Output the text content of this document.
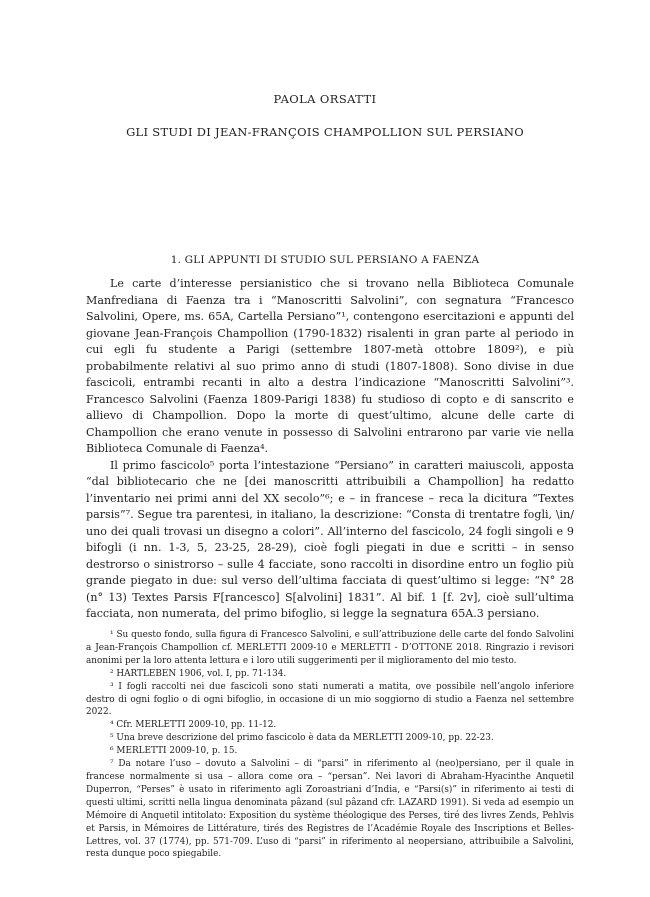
PAOLA ORSATTI
GLI STUDI DI JEAN-FRANÇOIS CHAMPOLLION SUL PERSIANO
1. GLI APPUNTI DI STUDIO SUL PERSIANO A FAENZA

Le carte d’interesse persianistico che si trovano nella Biblioteca Comunale Manfrediana di Faenza tra i “Manoscritti Salvolini”, con segnatura “Francesco Salvolini, Opere, ms. 65A, Cartella Persiano”¹, contengono esercitazioni e appunti del giovane Jean-François Champollion (1790-1832) risalenti in gran parte al periodo in cui egli fu studente a Parigi (settembre 1807-metà ottobre 1809²), e più probabilmente relativi al suo primo anno di studi (1807-1808). Sono divise in due fascicoli, entrambi recanti in alto a destra l’indicazione “Manoscritti Salvolini”³. Francesco Salvolini (Faenza 1809-Parigi 1838) fu studioso di copto e di sanscrito e allievo di Champollion. Dopo la morte di quest’ultimo, alcune delle carte di Champollion che erano venute in possesso di Salvolini entrarono par varie vie nella Biblioteca Comunale di Faenza⁴.

Il primo fascicolo⁵ porta l’intestazione “Persiano” in caratteri maiuscoli, apposta “dal bibliotecario che ne [dei manoscritti attribuibili a Champollion] ha redatto l’inventario nei primi anni del XX secolo”⁶; e – in francese – reca la dicitura “Textes parsis”⁷. Segue tra parentesi, in italiano, la descrizione: “Consta di trentatre fogli, \in/ uno dei quali trovasi un disegno a colori”. All’interno del fascicolo, 24 fogli singoli e 9 bifogli (i nn. 1-3, 5, 23-25, 28-29), cioè fogli piegati in due e scritti – in senso destrorso o sinistrorso – sulle 4 facciate, sono raccolti in disordine entro un foglio più grande piegato in due: sul verso dell’ultima facciata di quest’ultimo si legge: “N° 28 (n° 13) Textes Parsis F[rancesco] S[alvolini] 1831”. Al bif. 1 [f. 2v], cioè sull’ultima facciata, non numerata, del primo bifoglio, si legge la segnatura 65A.3 persiano.

¹ Su questo fondo, sulla figura di Francesco Salvolini, e sull’attribuzione delle carte del fondo Salvolini a Jean-François Champollion cf. MERLETTI 2009-10 e MERLETTI - D’OTTONE 2018. Ringrazio i revisori anonimi per la loro attenta lettura e i loro utili suggerimenti per il miglioramento del mio testo.

² HARTLEBEN 1906, vol. I, pp. 71-134.

³ I fogli raccolti nei due fascicoli sono stati numerati a matita, ove possibile nell’angolo inferiore destro di ogni foglio o di ogni bifoglio, in occasione di un mio soggiorno di studio a Faenza nel settembre 2022.

⁴ Cfr. MERLETTI 2009-10, pp. 11-12.

⁵ Una breve descrizione del primo fascicolo è data da MERLETTI 2009-10, pp. 22-23.

⁶ MERLETTI 2009-10, p. 15.

⁷ Da notare l’uso – dovuto a Salvolini – di “parsi” in riferimento al (neo)persiano, per il quale in francese normalmente si usa – allora come ora – “persan”. Nei lavori di Abraham-Hyacinthe Anquetil Duperron, “Perses” è usato in riferimento agli Zoroastriani d’India, e “Parsi(s)” in riferimento ai testi di questi ultimi, scritti nella lingua denominata pâzand (sul pâzand cfr. LAZARD 1991). Si veda ad esempio un Mémoire di Anquetil intitolato: Exposition du système théologique des Perses, tiré des livres Zends, Pehlvis et Parsis, in Mémoires de Littérature, tirés des Registres de l’Académie Royale des Inscriptions et Belles-Lettres, vol. 37 (1774), pp. 571-709. L’uso di “parsi” in riferimento al neopersiano, attribuibile a Salvolini, resta dunque poco spiegabile.
